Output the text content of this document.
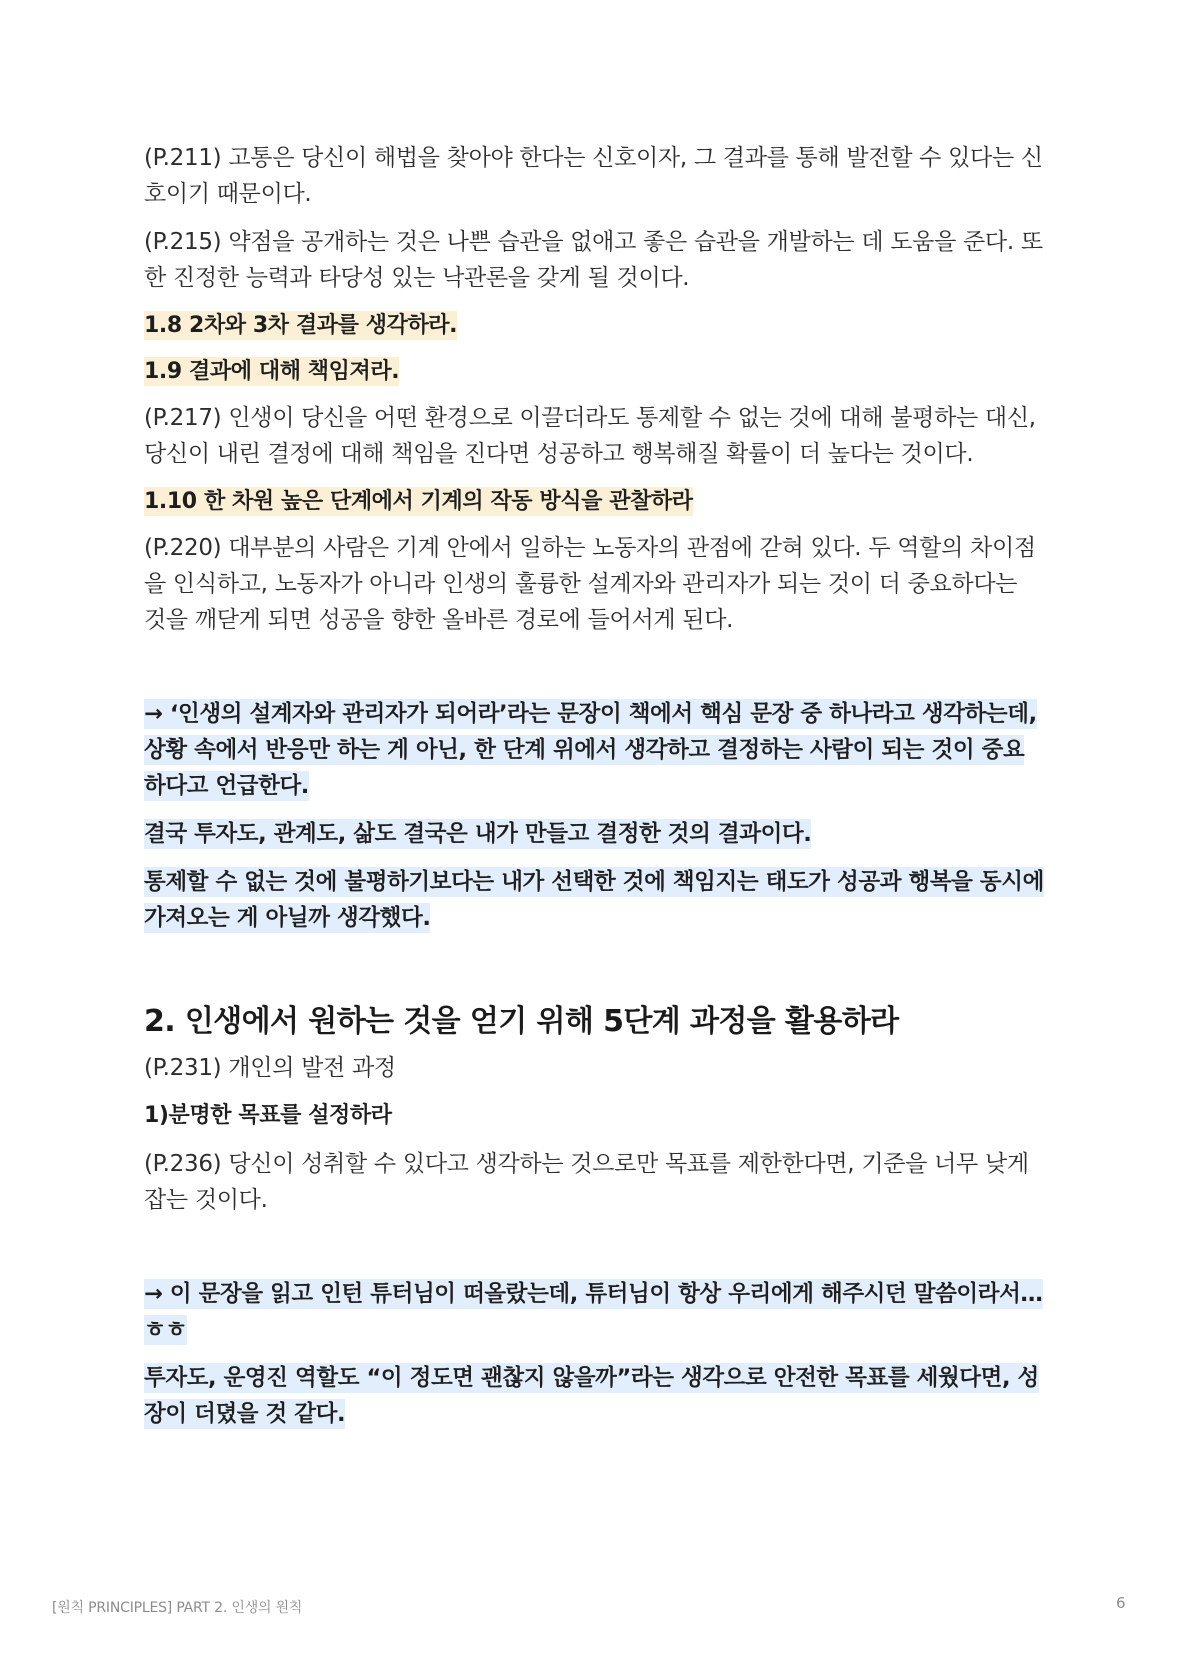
(P.211) 고통은 당신이 해법을 찾아야 한다는 신호이자, 그 결과를 통해 발전할 수 있다는 신호이기 때문이다.

(P.215) 약점을 공개하는 것은 나쁜 습관을 없애고 좋은 습관을 개발하는 데 도움을 준다. 또한 진정한 능력과 타당성 있는 낙관론을 갖게 될 것이다.

1.8 2차와 3차 결과를 생각하라.

1.9 결과에 대해 책임져라.

(P.217) 인생이 당신을 어떤 환경으로 이끌더라도 통제할 수 없는 것에 대해 불평하는 대신, 당신이 내린 결정에 대해 책임을 진다면 성공하고 행복해질 확률이 더 높다는 것이다.

1.10 한 차원 높은 단계에서 기계의 작동 방식을 관찰하라

(P.220) 대부분의 사람은 기계 안에서 일하는 노동자의 관점에 갇혀 있다. 두 역할의 차이점을 인식하고, 노동자가 아니라 인생의 훌륭한 설계자와 관리자가 되는 것이 더 중요하다는 것을 깨닫게 되면 성공을 향한 올바른 경로에 들어서게 된다.

→ ‘인생의 설계자와 관리자가 되어라’라는 문장이 책에서 핵심 문장 중 하나라고 생각하는데, 상황 속에서 반응만 하는 게 아닌, 한 단계 위에서 생각하고 결정하는 사람이 되는 것이 중요하다고 언급한다.

결국 투자도, 관계도, 삶도 결국은 내가 만들고 결정한 것의 결과이다.

통제할 수 없는 것에 불평하기보다는 내가 선택한 것에 책임지는 태도가 성공과 행복을 동시에 가져오는 게 아닐까 생각했다.

2. 인생에서 원하는 것을 얻기 위해 5단계 과정을 활용하라

(P.231) 개인의 발전 과정

1)분명한 목표를 설정하라

(P.236) 당신이 성취할 수 있다고 생각하는 것으로만 목표를 제한한다면, 기준을 너무 낮게 잡는 것이다.

→ 이 문장을 읽고 인턴 튜터님이 떠올랐는데, 튜터님이 항상 우리에게 해주시던 말씀이라서…ㅎㅎ

투자도, 운영진 역할도 “이 정도면 괜찮지 않을까”라는 생각으로 안전한 목표를 세웠다면, 성장이 더뎠을 것 같다.

[원칙 PRINCIPLES] PART 2. 인생의 원칙	6
